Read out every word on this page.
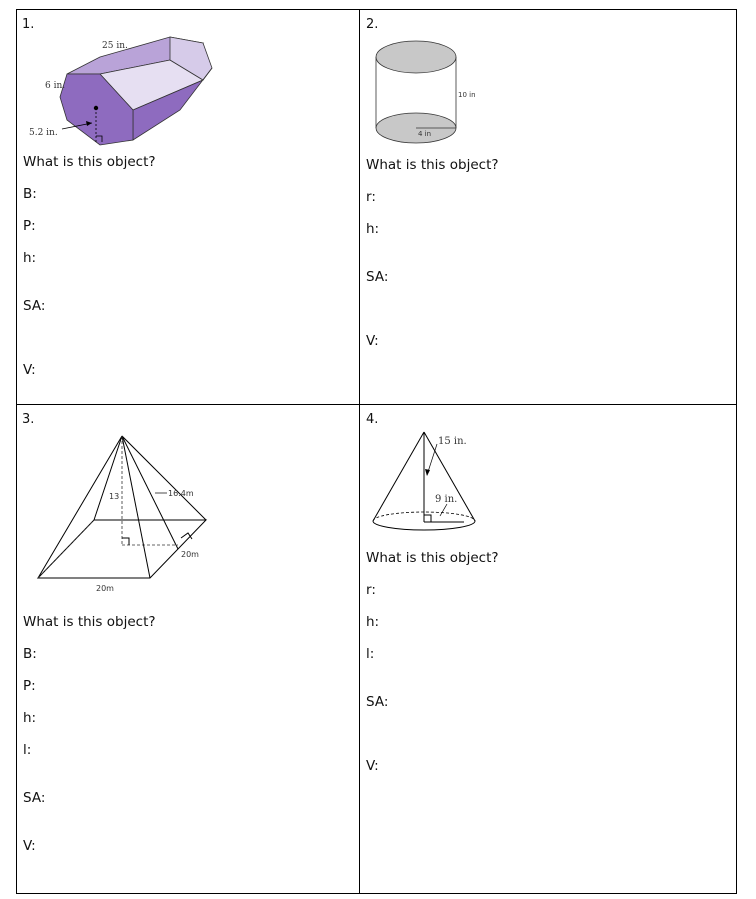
1.
25 in.
6 in.
5.2 in.
What is this object?
B:
P:
h:
SA:
V:
2.
10 in
4 in
What is this object?
r:
h:
SA:
V:
3.
13	16.4m
20m
20m
What is this object?
B:
P:
h:
l:
SA:
V:
4.
15 in.
9 in.
What is this object?
r:
h:
l:
SA:
V:
